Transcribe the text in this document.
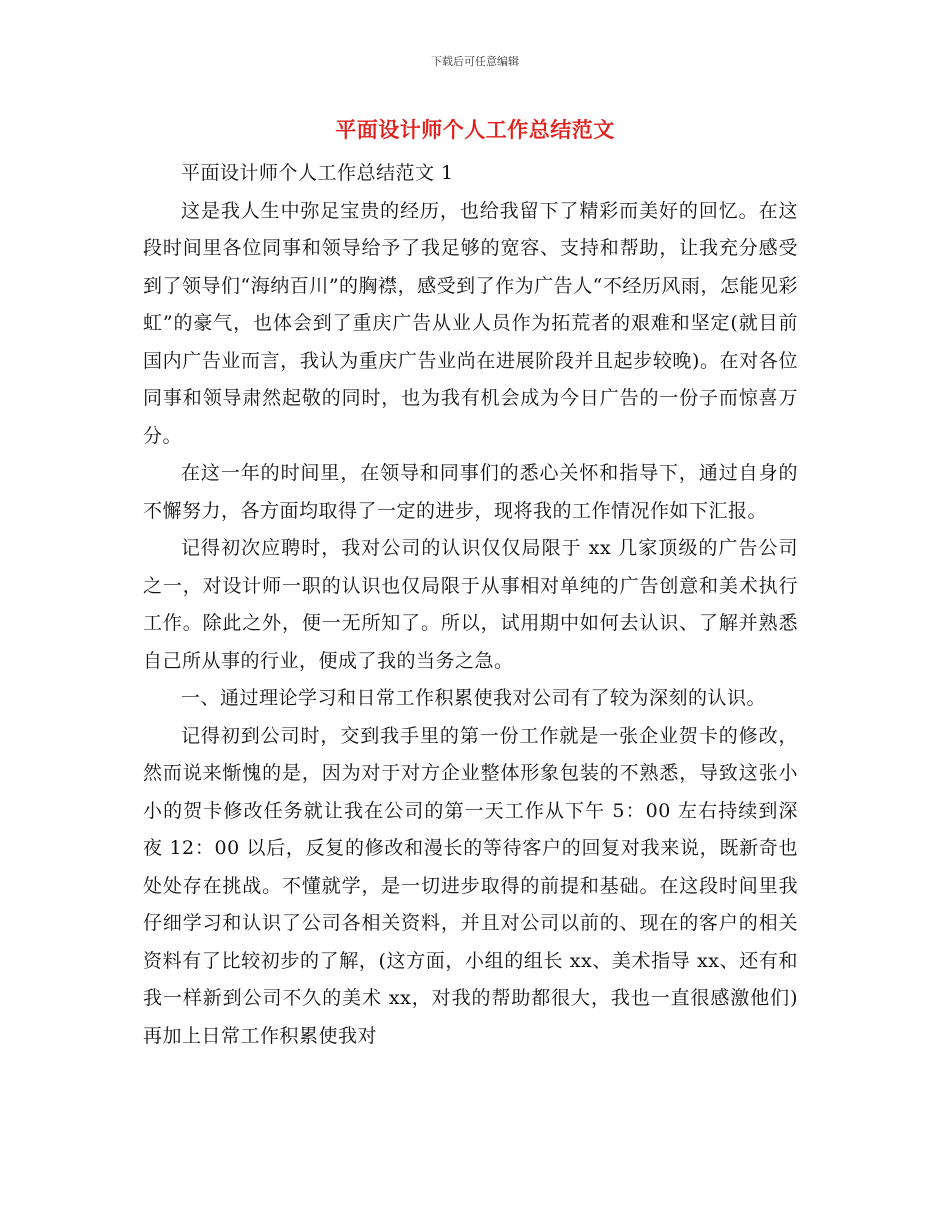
下载后可任意编辑
平面设计师个人工作总结范文

平面设计师个人工作总结范文 1

这是我人生中弥足宝贵的经历，也给我留下了精彩而美好的回忆。在这段时间里各位同事和领导给予了我足够的宽容、支持和帮助，让我充分感受到了领导们“海纳百川”的胸襟，感受到了作为广告人“不经历风雨，怎能见彩虹”的豪气，也体会到了重庆广告从业人员作为拓荒者的艰难和坚定(就目前国内广告业而言，我认为重庆广告业尚在进展阶段并且起步较晚)。在对各位同事和领导肃然起敬的同时，也为我有机会成为今日广告的一份子而惊喜万分。

在这一年的时间里，在领导和同事们的悉心关怀和指导下，通过自身的不懈努力，各方面均取得了一定的进步，现将我的工作情况作如下汇报。

记得初次应聘时，我对公司的认识仅仅局限于 xx 几家顶级的广告公司之一，对设计师一职的认识也仅局限于从事相对单纯的广告创意和美术执行工作。除此之外，便一无所知了。所以，试用期中如何去认识、了解并熟悉自己所从事的行业，便成了我的当务之急。

一、通过理论学习和日常工作积累使我对公司有了较为深刻的认识。

记得初到公司时，交到我手里的第一份工作就是一张企业贺卡的修改，然而说来惭愧的是，因为对于对方企业整体形象包装的不熟悉，导致这张小小的贺卡修改任务就让我在公司的第一天工作从下午 5：00 左右持续到深夜 12：00 以后，反复的修改和漫长的等待客户的回复对我来说，既新奇也处处存在挑战。不懂就学，是一切进步取得的前提和基础。在这段时间里我仔细学习和认识了公司各相关资料，并且对公司以前的、现在的客户的相关资料有了比较初步的了解，(这方面，小组的组长 xx、美术指导 xx、还有和我一样新到公司不久的美术 xx，对我的帮助都很大，我也一直很感激他们)再加上日常工作积累使我对
